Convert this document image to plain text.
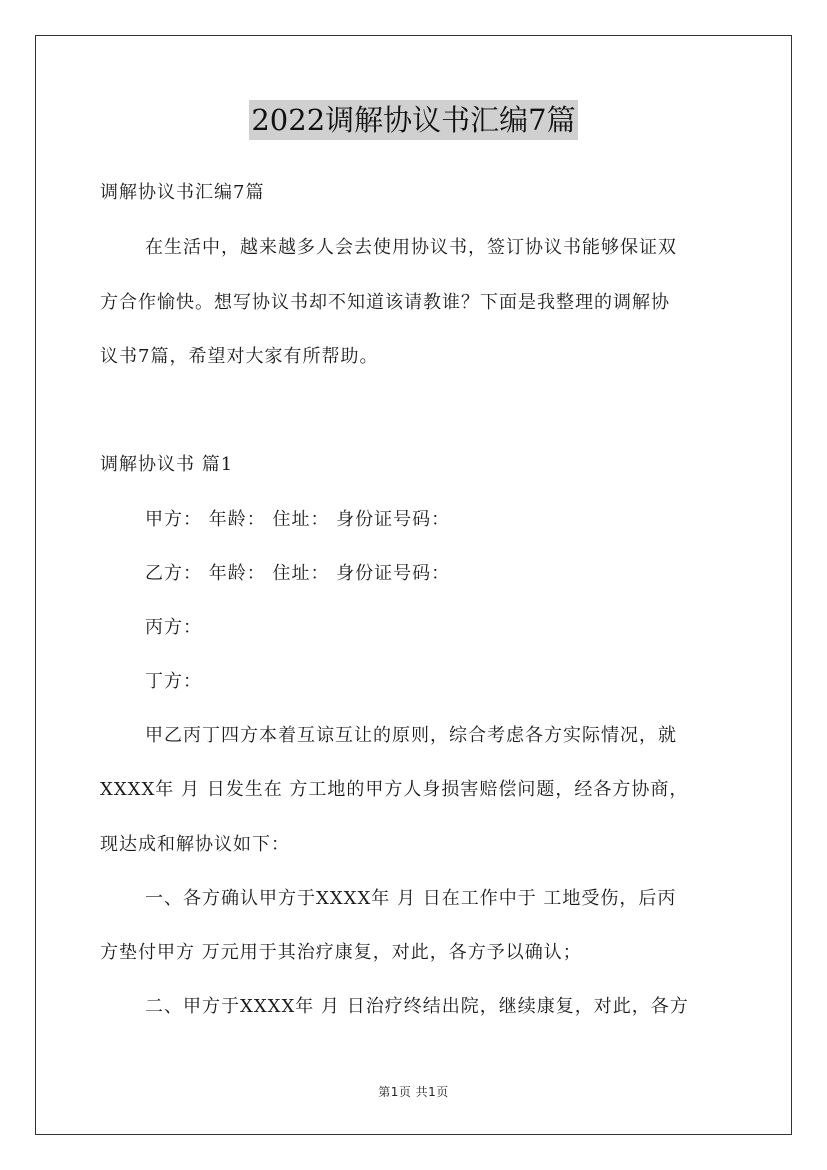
2022调解协议书汇编7篇
调解协议书汇编7篇
在生活中，越来越多人会去使用协议书，签订协议书能够保证双
方合作愉快。想写协议书却不知道该请教谁？下面是我整理的调解协
议书7篇，希望对大家有所帮助。
调解协议书 篇1
甲方： 年龄： 住址： 身份证号码：
乙方： 年龄： 住址： 身份证号码：
丙方：
丁方：
甲乙丙丁四方本着互谅互让的原则，综合考虑各方实际情况，就
XXXX年 月 日发生在 方工地的甲方人身损害赔偿问题，经各方协商，
现达成和解协议如下：
一、各方确认甲方于XXXX年 月 日在工作中于 工地受伤，后丙
方垫付甲方 万元用于其治疗康复，对此，各方予以确认；
二、甲方于XXXX年 月 日治疗终结出院，继续康复，对此，各方
第1页 共1页
